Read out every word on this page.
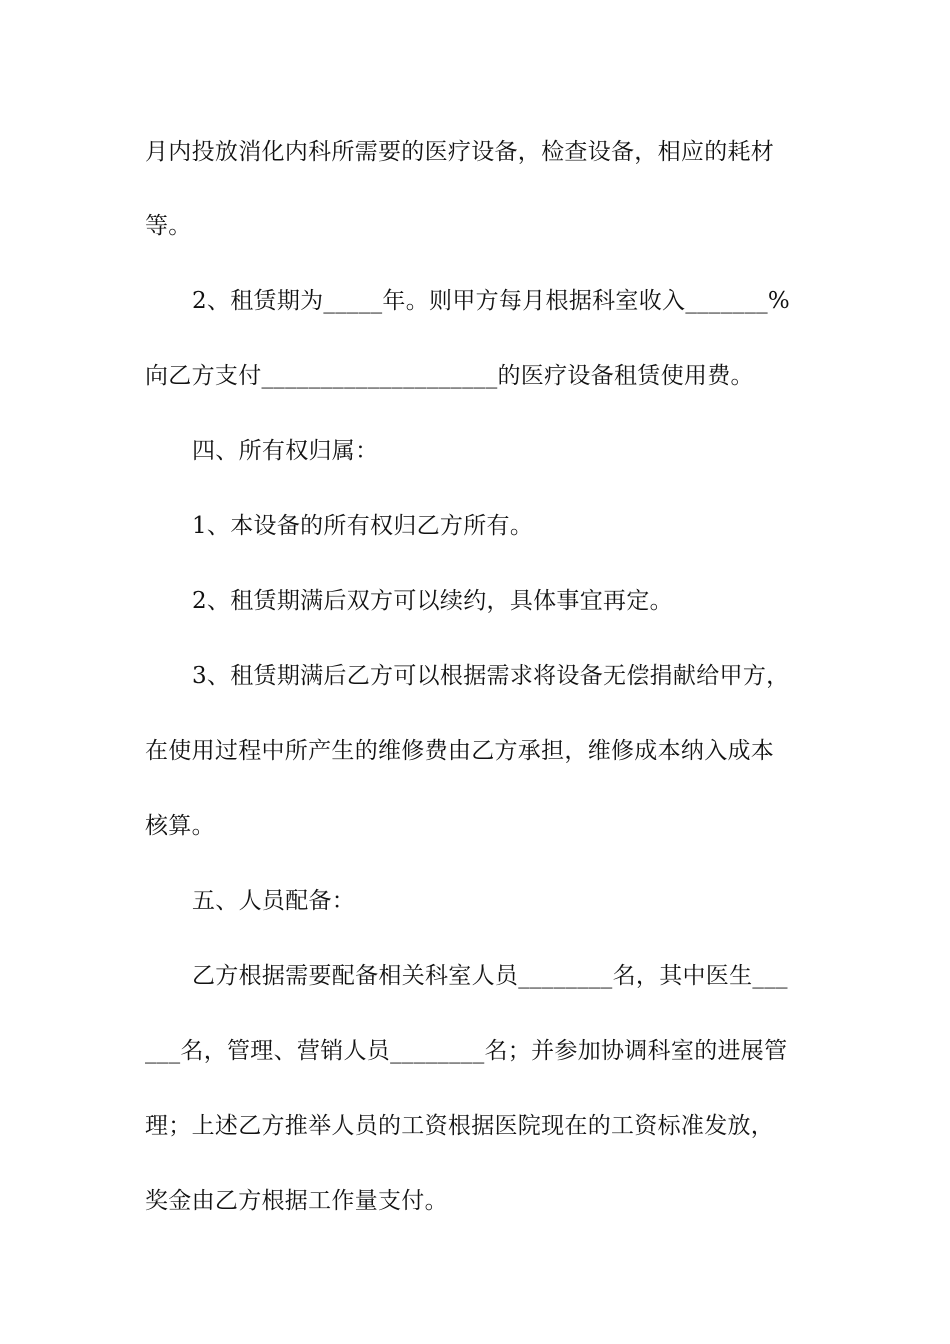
月内投放消化内科所需要的医疗设备，检查设备，相应的耗材
等。
2、租赁期为_____年。则甲方每月根据科室收入_______%
向乙方支付____________________的医疗设备租赁使用费。
四、所有权归属：
1、本设备的所有权归乙方所有。
2、租赁期满后双方可以续约，具体事宜再定。
3、租赁期满后乙方可以根据需求将设备无偿捐献给甲方，
在使用过程中所产生的维修费由乙方承担，维修成本纳入成本
核算。
五、人员配备：
乙方根据需要配备相关科室人员________名，其中医生___
___名，管理、营销人员________名；并参加协调科室的进展管
理；上述乙方推举人员的工资根据医院现在的工资标准发放，
奖金由乙方根据工作量支付。
